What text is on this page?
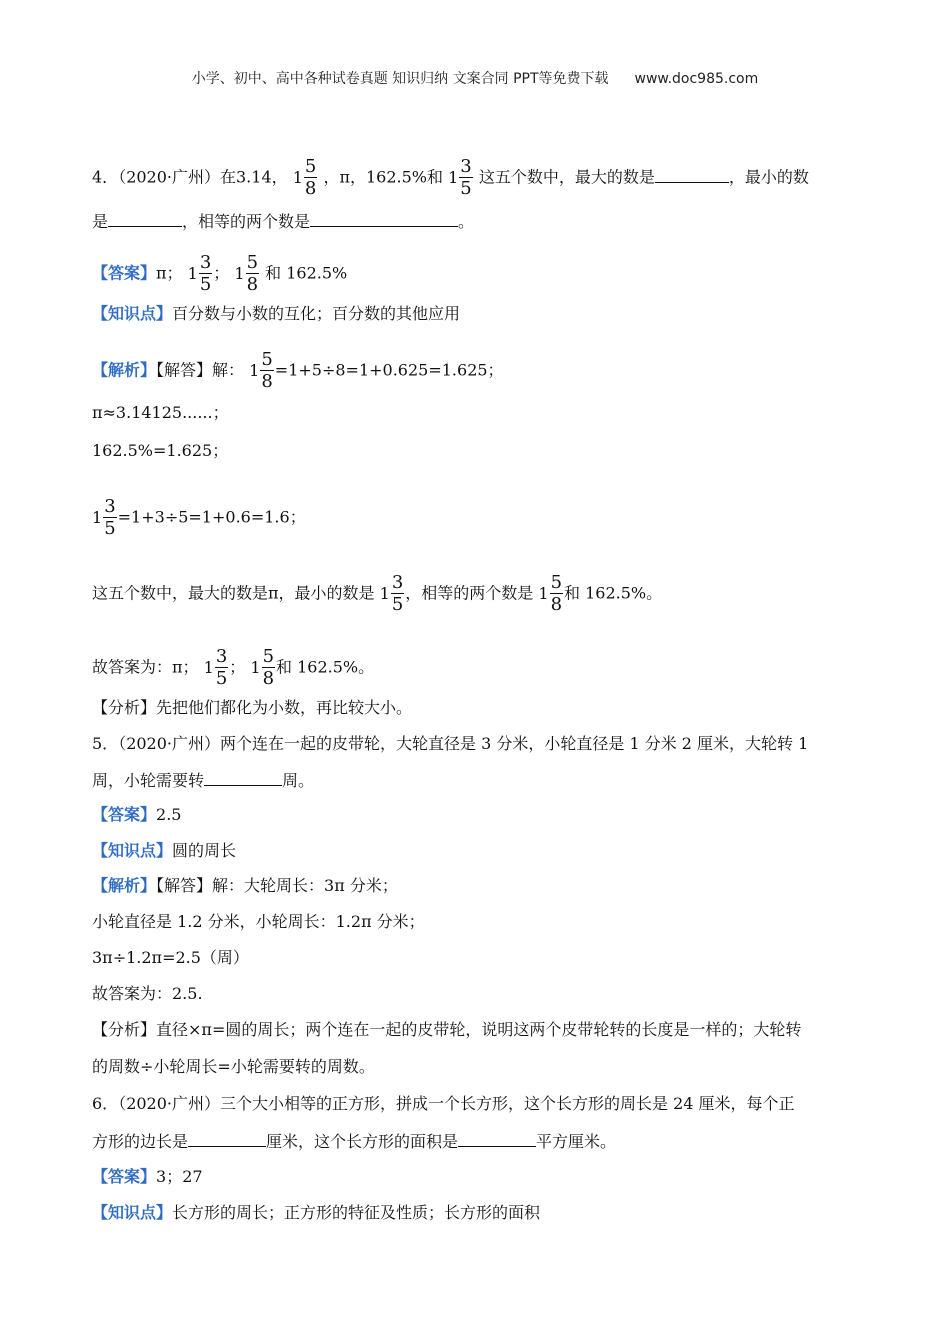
小学、初中、高中各种试卷真题 知识归纳 文案合同 PPT等免费下载 www.doc985.com
4．（2020·广州）在3.14， $1 \frac{5}{8}$ ，π，162.5%和 $1 \frac{3}{5}$ 这五个数中，最大的数是	，最小的数
是	，相等的两个数是	。
【答案】π； $1 \frac{3}{5}$ ； $1 \frac{5}{8}$ 和 162.5%
【知识点】百分数与小数的互化；百分数的其他应用
【解析】【解答】解： $1 \frac{5}{8} =1+5\div 8=1+0.625=1.625$；
π≈3.14125......；
162.5%=1.625；
$1 \frac{3}{5} =1+3\div 5=1+0.6=1.6$；
这五个数中，最大的数是π，最小的数是 $1 \frac{3}{5}$ ，相等的两个数是 $1 \frac{5}{8}$ 和 162.5%。
故答案为：π； $1 \frac{3}{5}$ ； $1 \frac{5}{8}$ 和 162.5%。
【分析】先把他们都化为小数，再比较大小。
5．（2020·广州）两个连在一起的皮带轮，大轮直径是 3 分米，小轮直径是 1 分米 2 厘米，大轮转 1
周，小轮需要转	周。
【答案】2.5
【知识点】圆的周长
【解析】【解答】解：大轮周长：3π 分米；
小轮直径是 1.2 分米，小轮周长：1.2π 分米；
3π÷1.2π=2.5（周）
故答案为：2.5.
【分析】直径×π=圆的周长；两个连在一起的皮带轮，说明这两个皮带轮转的长度是一样的；大轮转
的周数÷小轮周长=小轮需要转的周数。
6．（2020·广州）三个大小相等的正方形，拼成一个长方形，这个长方形的周长是 24 厘米，每个正
方形的边长是	厘米，这个长方形的面积是	平方厘米。
【答案】3；27
【知识点】长方形的周长；正方形的特征及性质；长方形的面积
